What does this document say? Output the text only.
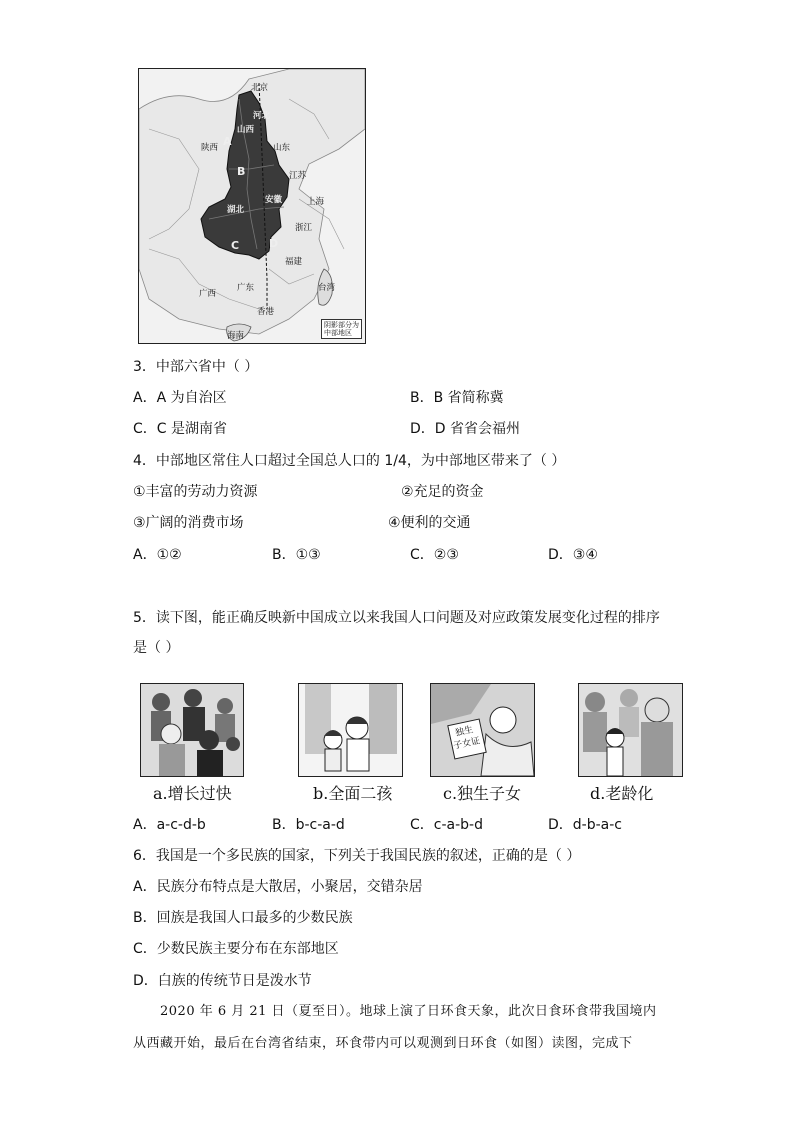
北京
河北
山西
陕西	山东
江苏
上海
安徽
湖北
浙江
福建
广东
广西
海南
台湾
香港
A
B
C	D
阴影部分为
中部地区
3．中部六省中（ ）
A．A 为自治区	B．B 省简称冀
C．C 是湖南省	D．D 省省会福州
4．中部地区常住人口超过全国总人口的 1/4，为中部地区带来了（ ）
①丰富的劳动力资源	②充足的资金
③广阔的消费市场	④便利的交通
A．①②	B．①③	C．②③	D．③④
5．读下图，能正确反映新中国成立以来我国人口问题及对应政策发展变化过程的排序
是（ ）
a.增长过快	b.全面二孩
独生
子女证
c.独生子女	d.老龄化
A．a-c-d-b	B．b-c-a-d	C．c-a-b-d	D．d-b-a-c
6．我国是一个多民族的国家，下列关于我国民族的叙述，正确的是（ ）
A．民族分布特点是大散居，小聚居，交错杂居
B．回族是我国人口最多的少数民族
C．少数民族主要分布在东部地区
D．白族的传统节日是泼水节
2020 年 6 月 21 日（夏至日）。地球上演了日环食天象，此次日食环食带我国境内
从西藏开始，最后在台湾省结束，环食带内可以观测到日环食（如图）读图，完成下
